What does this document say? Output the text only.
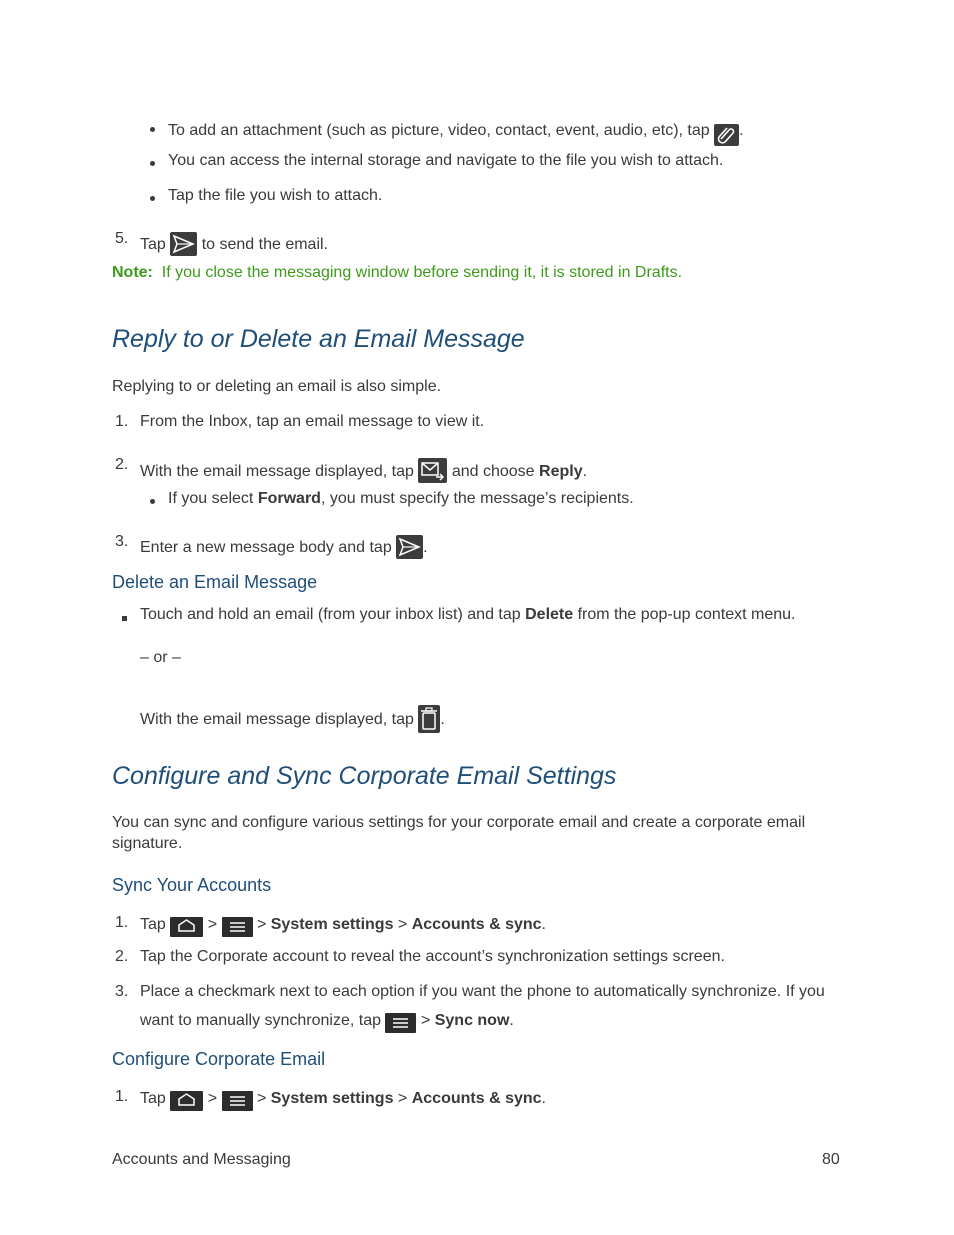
To add an attachment (such as picture, video, contact, event, audio, etc), tap .
You can access the internal storage and navigate to the file you wish to attach.
Tap the file you wish to attach.
5. Tap to send the email.
Note: If you close the messaging window before sending it, it is stored in Drafts.
Reply to or Delete an Email Message
Replying to or deleting an email is also simple.
1. From the Inbox, tap an email message to view it.
2. With the email message displayed, tap and choose Reply.
If you select Forward, you must specify the message’s recipients.
3. Enter a new message body and tap .
Delete an Email Message
Touch and hold an email (from your inbox list) and tap Delete from the pop-up context menu.
– or –
With the email message displayed, tap .
Configure and Sync Corporate Email Settings
You can sync and configure various settings for your corporate email and create a corporate email
signature.
Sync Your Accounts
1. Tap	> > System settings > Accounts & sync.
2. Tap the Corporate account to reveal the account’s synchronization settings screen.
3. Place a checkmark next to each option if you want the phone to automatically synchronize. If you
want to manually synchronize, tap > Sync now.
Configure Corporate Email
1. Tap	> > System settings > Accounts & sync.
Accounts and Messaging	80
